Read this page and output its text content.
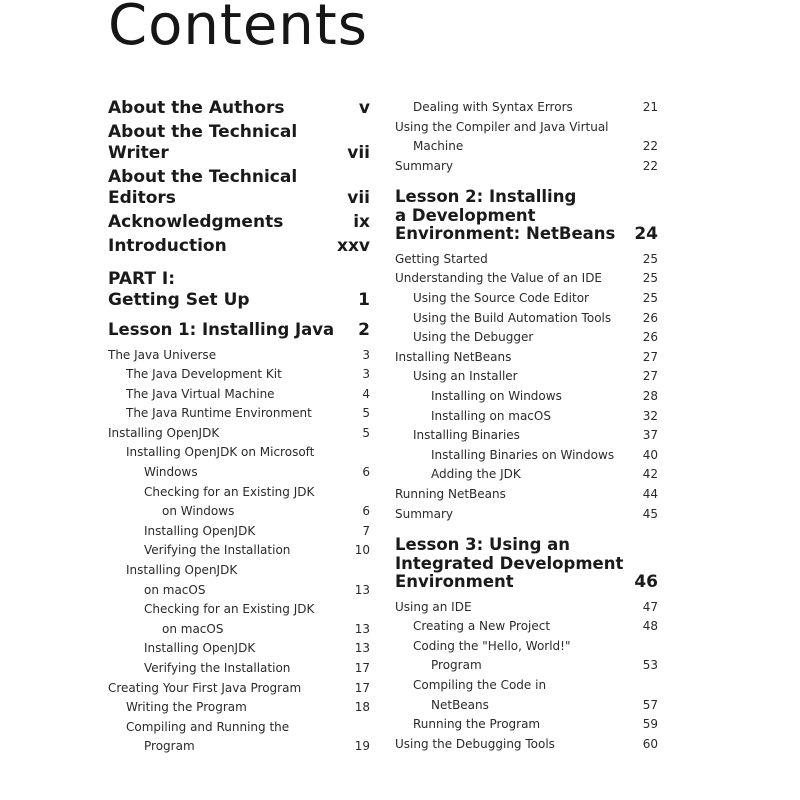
Contents
About the Authors	v
About the Technical
Writer	vii
About the Technical
Editors	vii
Acknowledgments	ix
Introduction	xxv
PART I:
Getting Set Up	1
Lesson 1: Installing Java	2
The Java Universe	3
The Java Development Kit	3
The Java Virtual Machine	4
The Java Runtime Environment	5
Installing OpenJDK	5
Installing OpenJDK on Microsoft
Windows	6
Checking for an Existing JDK
on Windows	6
Installing OpenJDK	7
Verifying the Installation	10
Installing OpenJDK
on macOS	13
Checking for an Existing JDK
on macOS	13
Installing OpenJDK	13
Verifying the Installation	17
Creating Your First Java Program	17
Writing the Program	18
Compiling and Running the
Program	19
Dealing with Syntax Errors	21
Using the Compiler and Java Virtual
Machine	22
Summary	22
Lesson 2: Installing
a Development
Environment: NetBeans	24
Getting Started	25
Understanding the Value of an IDE	25
Using the Source Code Editor	25
Using the Build Automation Tools	26
Using the Debugger	26
Installing NetBeans	27
Using an Installer	27
Installing on Windows	28
Installing on macOS	32
Installing Binaries	37
Installing Binaries on Windows	40
Adding the JDK	42
Running NetBeans	44
Summary	45
Lesson 3: Using an
Integrated Development
Environment	46
Using an IDE	47
Creating a New Project	48
Coding the "Hello, World!"
Program	53
Compiling the Code in
NetBeans	57
Running the Program	59
Using the Debugging Tools	60
